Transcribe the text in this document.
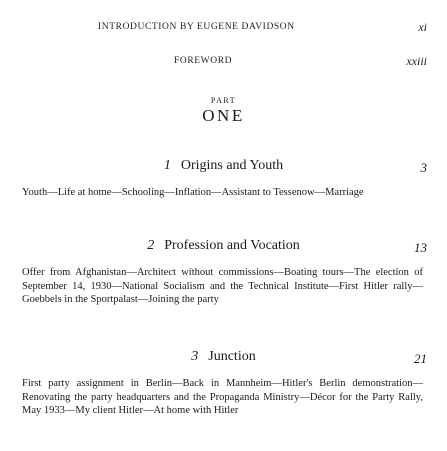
INTRODUCTION BY EUGENE DAVIDSON	xi
FOREWORD	xxiii
PART
ONE
1 Origins and Youth	3

Youth—Life at home—Schooling—Inflation—Assistant to Tessenow—Marriage

2 Profession and Vocation	13

Offer from Afghanistan—Architect without commissions—Boating tours—The election of September 14, 1930—National Socialism and the Technical Institute—First Hitler rally—Goebbels in the Sportpalast—Joining the party

3 Junction	21

First party assignment in Berlin—Back in Mannheim—Hitler's Berlin demonstration—Renovating the party headquarters and the Propaganda Ministry—Décor for the Party Rally, May 1933—My client Hitler—At home with Hitler
